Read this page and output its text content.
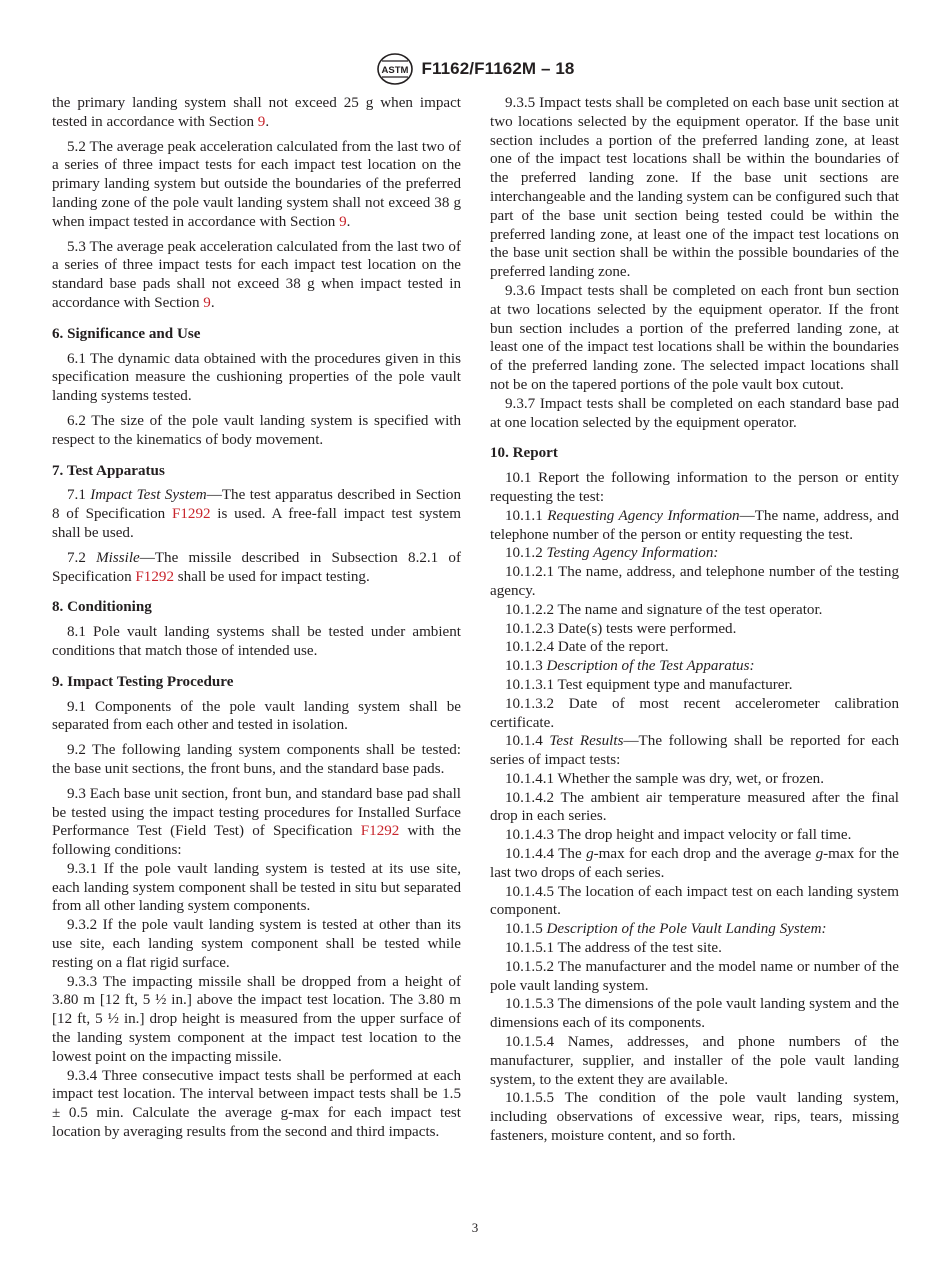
ASTM F1162/F1162M – 18

the primary landing system shall not exceed 25 g when impact tested in accordance with Section 9.

5.2 The average peak acceleration calculated from the last two of a series of three impact tests for each impact test location on the primary landing system but outside the boundaries of the preferred landing zone of the pole vault landing system shall not exceed 38 g when impact tested in accordance with Section 9.

5.3 The average peak acceleration calculated from the last two of a series of three impact tests for each impact test location on the standard base pads shall not exceed 38 g when impact tested in accordance with Section 9.

6. Significance and Use

6.1 The dynamic data obtained with the procedures given in this specification measure the cushioning properties of the pole vault landing systems tested.

6.2 The size of the pole vault landing system is specified with respect to the kinematics of body movement.

7. Test Apparatus

7.1 Impact Test System—The test apparatus described in Section 8 of Specification F1292 is used. A free-fall impact test system shall be used.

7.2 Missile—The missile described in Subsection 8.2.1 of Specification F1292 shall be used for impact testing.

8. Conditioning

8.1 Pole vault landing systems shall be tested under ambient conditions that match those of intended use.

9. Impact Testing Procedure

9.1 Components of the pole vault landing system shall be separated from each other and tested in isolation.

9.2 The following landing system components shall be tested: the base unit sections, the front buns, and the standard base pads.

9.3 Each base unit section, front bun, and standard base pad shall be tested using the impact testing procedures for Installed Surface Performance Test (Field Test) of Specification F1292 with the following conditions:

9.3.1 If the pole vault landing system is tested at its use site, each landing system component shall be tested in situ but separated from all other landing system components.

9.3.2 If the pole vault landing system is tested at other than its use site, each landing system component shall be tested while resting on a flat rigid surface.

9.3.3 The impacting missile shall be dropped from a height of 3.80 m [12 ft, 5 ½ in.] above the impact test location. The 3.80 m [12 ft, 5 ½ in.] drop height is measured from the upper surface of the landing system component at the impact test location to the lowest point on the impacting missile.

9.3.4 Three consecutive impact tests shall be performed at each impact test location. The interval between impact tests shall be 1.5 ± 0.5 min. Calculate the average g-max for each impact test location by averaging results from the second and third impacts.

9.3.5 Impact tests shall be completed on each base unit section at two locations selected by the equipment operator. If the base unit section includes a portion of the preferred landing zone, at least one of the impact test locations shall be within the boundaries of the preferred landing zone. If the base unit sections are interchangeable and the landing system can be configured such that part of the base unit section being tested could be within the preferred landing zone, at least one of the impact test locations on the base unit section shall be within the possible boundaries of the preferred landing zone.

9.3.6 Impact tests shall be completed on each front bun section at two locations selected by the equipment operator. If the front bun section includes a portion of the preferred landing zone, at least one of the impact test locations shall be within the boundaries of the preferred landing zone. The selected impact locations shall not be on the tapered portions of the pole vault box cutout.

9.3.7 Impact tests shall be completed on each standard base pad at one location selected by the equipment operator.

10. Report

10.1 Report the following information to the person or entity requesting the test:

10.1.1 Requesting Agency Information—The name, address, and telephone number of the person or entity requesting the test.

10.1.2 Testing Agency Information:

10.1.2.1 The name, address, and telephone number of the testing agency.

10.1.2.2 The name and signature of the test operator.

10.1.2.3 Date(s) tests were performed.

10.1.2.4 Date of the report.

10.1.3 Description of the Test Apparatus:

10.1.3.1 Test equipment type and manufacturer.

10.1.3.2 Date of most recent accelerometer calibration certificate.

10.1.4 Test Results—The following shall be reported for each series of impact tests:

10.1.4.1 Whether the sample was dry, wet, or frozen.

10.1.4.2 The ambient air temperature measured after the final drop in each series.

10.1.4.3 The drop height and impact velocity or fall time.

10.1.4.4 The g-max for each drop and the average g-max for the last two drops of each series.

10.1.4.5 The location of each impact test on each landing system component.

10.1.5 Description of the Pole Vault Landing System:

10.1.5.1 The address of the test site.

10.1.5.2 The manufacturer and the model name or number of the pole vault landing system.

10.1.5.3 The dimensions of the pole vault landing system and the dimensions each of its components.

10.1.5.4 Names, addresses, and phone numbers of the manufacturer, supplier, and installer of the pole vault landing system, to the extent they are available.

10.1.5.5 The condition of the pole vault landing system, including observations of excessive wear, rips, tears, missing fasteners, moisture content, and so forth.

3
